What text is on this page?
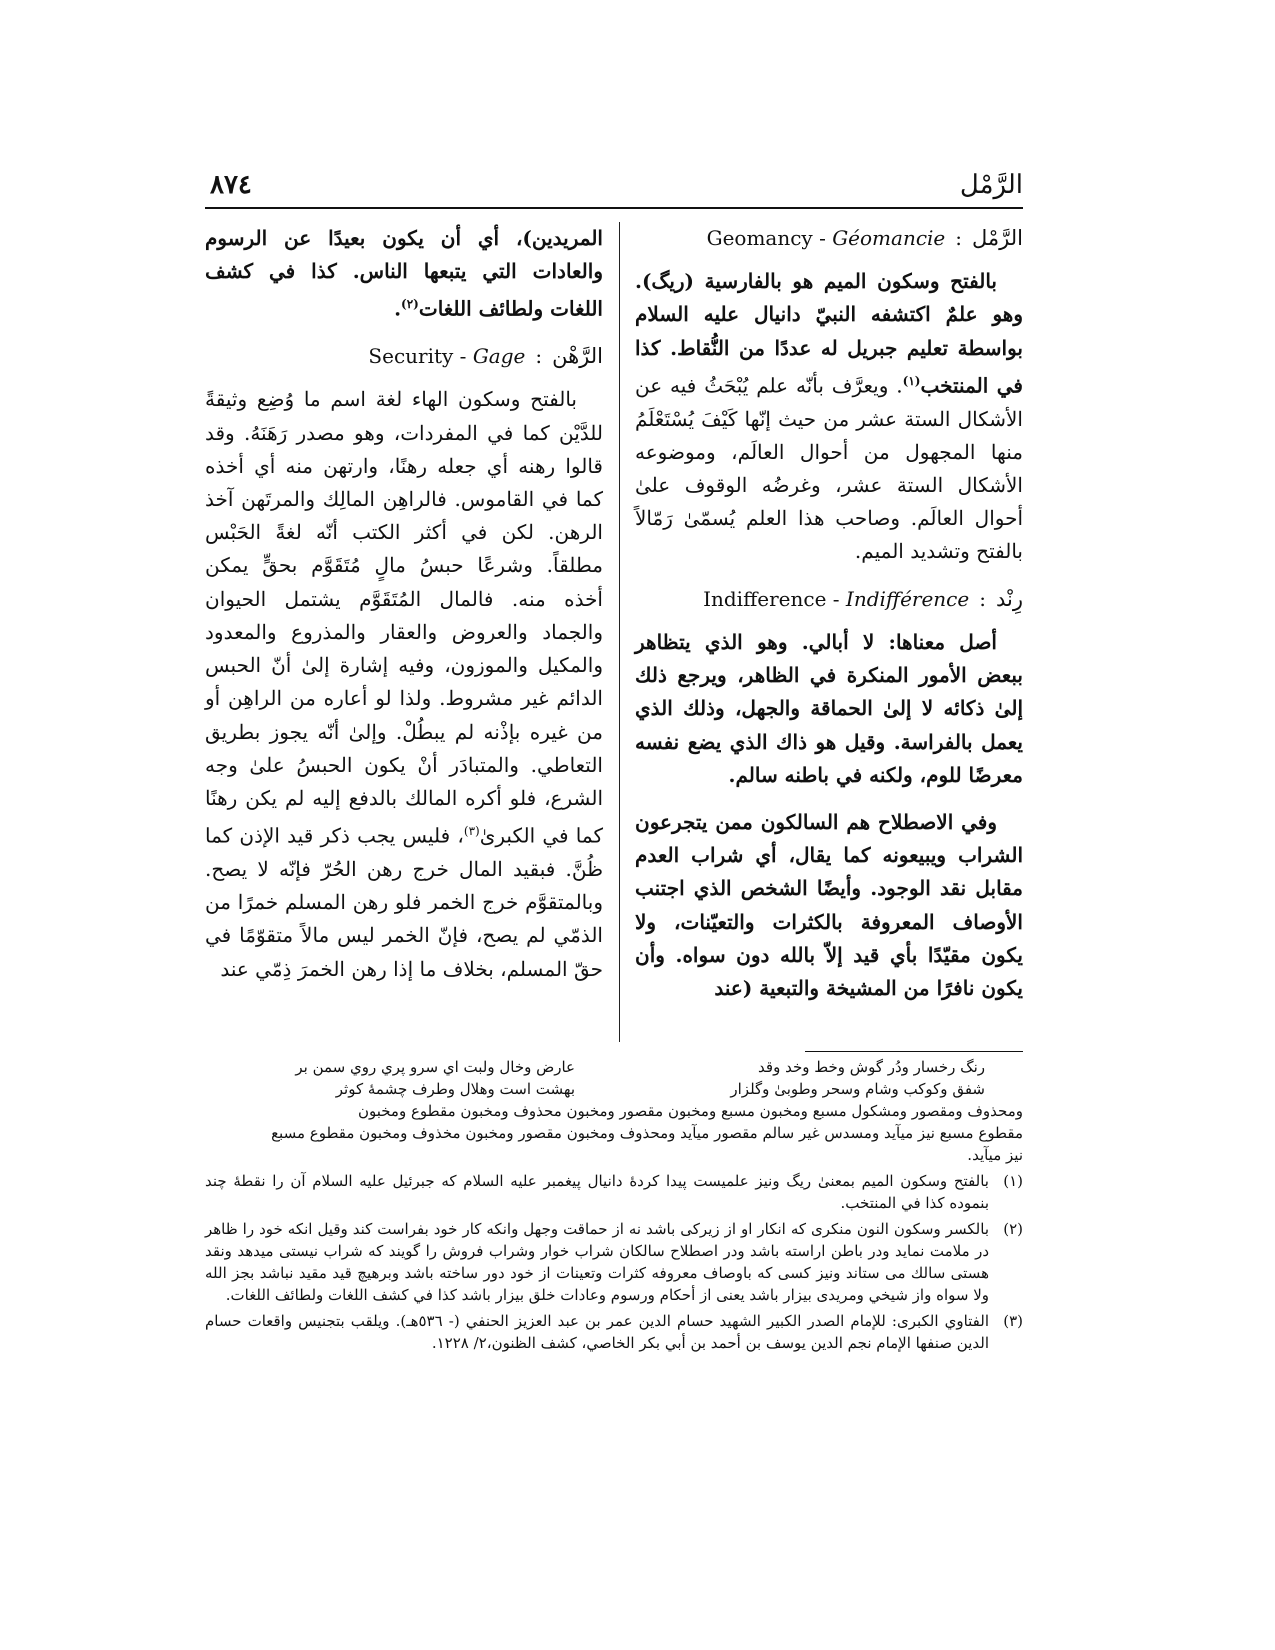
الرَّمْل
٨٧٤
الرَّمْل
:
Geomancy - Géomancie

بالفتح وسكون الميم هو بالفارسية (ريگ). وهو علمٌ اكتشفه النبيّ دانيال عليه السلام بواسطة تعليم جبريل له عددًا من النُّقاط. كذا في المنتخب$^{(١)}$. ويعرَّف بأنّه علم يُبْحَثُ فيه عن الأشكال الستة عشر من حيث إنّها كَيْفَ يُسْتَعْلَمُ منها المجهول من أحوال العالَم، وموضوعه الأشكال الستة عشر، وغرضُه الوقوف علىٰ أحوال العالَم. وصاحب هذا العلم يُسمّىٰ رَمّالاً بالفتح وتشديد الميم.

رِنْد
:
Indifference - Indifférence

أصل معناها: لا أبالي. وهو الذي يتظاهر ببعض الأمور المنكرة في الظاهر، ويرجع ذلك إلىٰ ذكائه لا إلىٰ الحماقة والجهل، وذلك الذي يعمل بالفراسة. وقيل هو ذاك الذي يضع نفسه معرضًا للوم، ولكنه في باطنه سالم.

وفي الاصطلاح هم السالكون ممن يتجرعون الشراب ويبيعونه كما يقال، أي شراب العدم مقابل نقد الوجود. وأيضًا الشخص الذي اجتنب الأوصاف المعروفة بالكثرات والتعيّنات، ولا يكون مقيّدًا بأي قيد إلاّ بالله دون سواه. وأن يكون نافرًا من المشيخة والتبعية (عند

المريدين)، أي أن يكون بعيدًا عن الرسوم والعادات التي يتبعها الناس. كذا في كشف اللغات ولطائف اللغات$^{(٢)}$.

الرَّهْن
:
Security - Gage

بالفتح وسكون الهاء لغة اسم ما وُضِع وثيقةً للدَّيْن كما في المفردات، وهو مصدر رَهَنَهُ. وقد قالوا رهنه أي جعله رهنًا، وارتهن منه أي أخذه كما في القاموس. فالراهِن المالِك والمرتَهن آخذ الرهن. لكن في أكثر الكتب أنّه لغةً الحَبْس مطلقاً. وشرعًا حبسُ مالٍ مُتَقَوَّم بحقٍّ يمكن أخذه منه. فالمال المُتَقَوَّم يشتمل الحيوان والجماد والعروض والعقار والمذروع والمعدود والمكيل والموزون، وفيه إشارة إلىٰ أنّ الحبس الدائم غير مشروط. ولذا لو أعاره من الراهِن أو من غيره بإذْنه لم يبطُلْ. وإلىٰ أنّه يجوز بطريق التعاطي. والمتبادَر أنْ يكون الحبسُ علىٰ وجه الشرع، فلو أكره المالك بالدفع إليه لم يكن رهنًا كما في الكبرىٰ$^{(٣)}$، فليس يجب ذكر قيد الإذن كما ظُنَّ. فبقيد المال خرج رهن الحُرّ فإنّه لا يصح. وبالمتقوَّم خرج الخمر فلو رهن المسلم خمرًا من الذمّي لم يصح، فإنّ الخمر ليس مالاً متقوّمًا في حقّ المسلم، بخلاف ما إذا رهن الخمرَ ذِمّي عند

رنگ رخسار ودُر گوش وخط وخد وقد
عارض وخال ولبت اي سرو پري روي سمن بر
شفق وكوكب وشام وسحر وطوبىٰ وگلزار
بهشت است وهلال وطرف چشمهٔ كوثر
ومحذوف ومقصور ومشكول مسبع ومخبون مسبع ومخبون مقصور ومخبون محذوف ومخبون مقطوع ومخبون
مقطوع مسبع نيز ميآيد ومسدس غير سالم مقصور ميآيد ومحذوف ومخبون مقصور ومخبون مخذوف ومخبون مقطوع مسبع
نيز ميآيد.
(١)
بالفتح وسكون الميم بمعنىٰ ريگ ونيز علميست پيدا كردهٔ دانيال پيغمبر عليه السلام كه جبرئيل عليه السلام آن را نقطهٔ چند بنموده كذا في المنتخب.
(٢)
بالكسر وسكون النون منكرى كه انكار او از زيركى باشد نه از حماقت وجهل وانكه كار خود بفراست كند وقيل انكه خود را ظاهر در ملامت نمايد ودر باطن اراسته باشد ودر اصطلاح سالكان شراب خوار وشراب فروش را گويند كه شراب نيستى ميدهد ونقد هستى سالك مى ستاند ونيز كسى كه باوصاف معروفه كثرات وتعينات از خود دور ساخته باشد وبرهيچ قيد مقيد نباشد بجز الله ولا سواه واز شيخي ومريدى بيزار باشد يعنى از أحكام ورسوم وعادات خلق بيزار باشد كذا في كشف اللغات ولطائف اللغات.
(٣)
الفتاوي الكبرى: للإمام الصدر الكبير الشهيد حسام الدين عمر بن عبد العزيز الحنفي (- ٥٣٦هـ). ويلقب بتجنيس واقعات حسام الدين صنفها الإمام نجم الدين يوسف بن أحمد بن أبي بكر الخاصي، كشف الظنون،٢/ ١٢٢٨.
